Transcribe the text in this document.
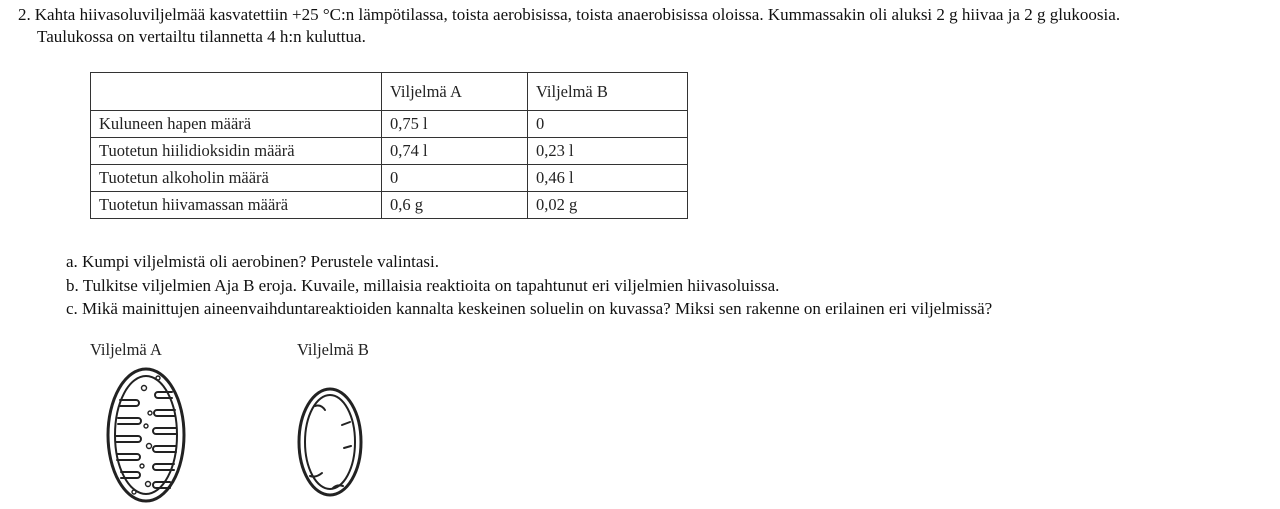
2. Kahta hiivasoluviljelmää kasvatettiin +25 °C:n lämpötilassa, toista aerobisissa, toista anaerobisissa oloissa. Kummassakin oli aluksi 2 g hiivaa ja 2 g glukoosia.
Taulukossa on vertailtu tilannetta 4 h:n kuluttua.
	Viljelmä A	Viljelmä B
Kuluneen hapen määrä	0,75 l	0
Tuotetun hiilidioksidin määrä	0,74 l	0,23 l
Tuotetun alkoholin määrä	0	0,46 l
Tuotetun hiivamassan määrä	0,6 g	0,02 g
a. Kumpi viljelmistä oli aerobinen? Perustele valintasi.
b. Tulkitse viljelmien Aja B eroja. Kuvaile, millaisia reaktioita on tapahtunut eri viljelmien hiivasoluissa.
c. Mikä mainittujen aineenvaihduntareaktioiden kannalta keskeinen soluelin on kuvassa? Miksi sen rakenne on erilainen eri viljelmissä?
Viljelmä A	Viljelmä B
